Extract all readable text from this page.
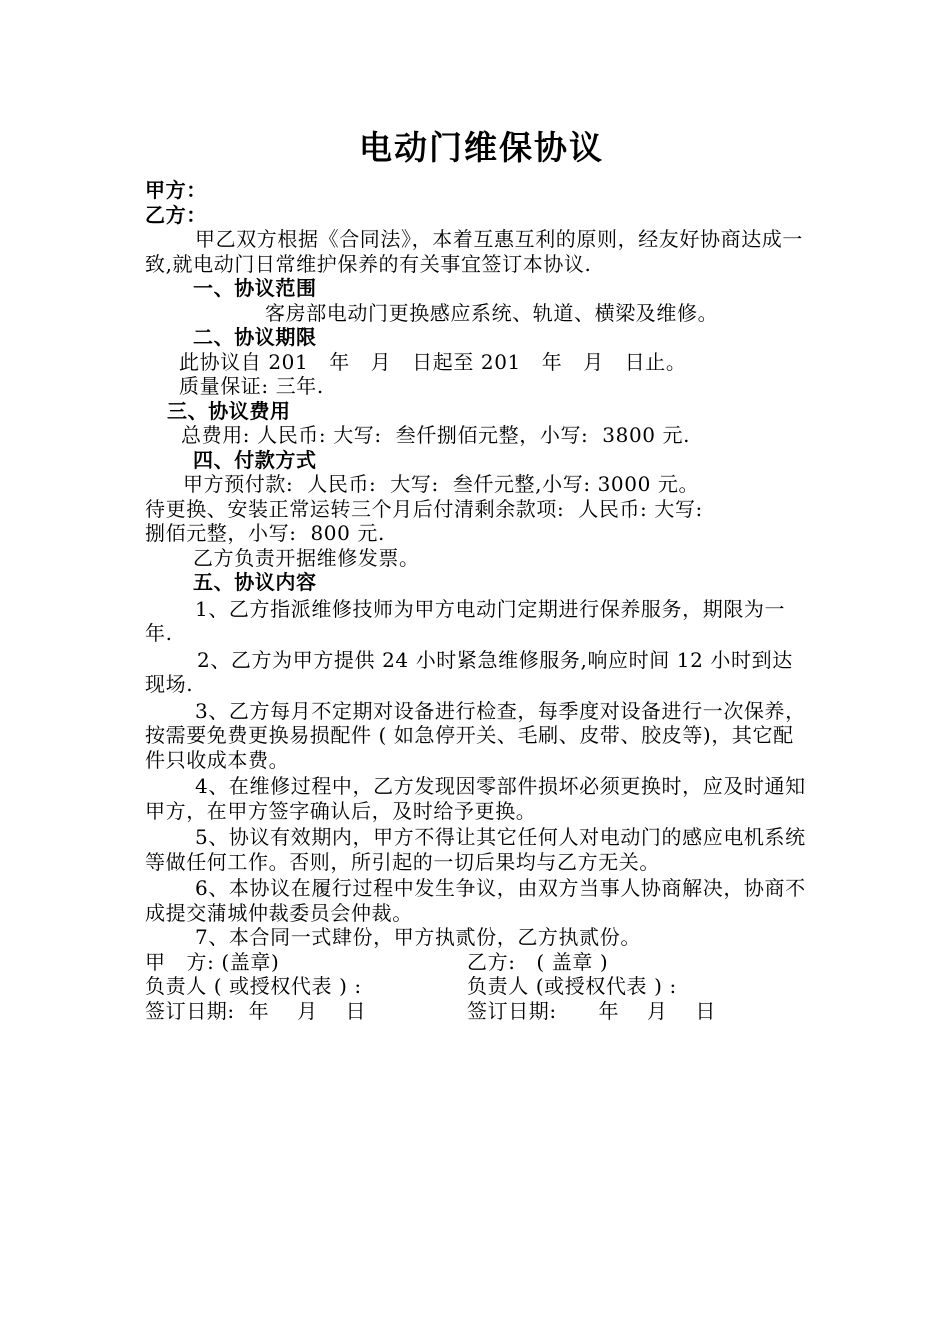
电动门维保协议

甲方：

乙方：

甲乙双方根据《合同法》，本着互惠互利的原则，经友好协商达成一致,就电动门日常维护保养的有关事宜签订本协议.

一、协议范围

客房部电动门更换感应系统、轨道、横梁及维修。

二、协议期限

此协议自 201   年   月   日起至 201   年   月   日止。

质量保证: 三年.

三、协议费用

总费用: 人民币: 大写:  叁仟捌佰元整，小写:  3800 元.

四、付款方式

甲方预付款:  人民币:  大写:  叁仟元整,小写: 3000 元。

待更换、安装正常运转三个月后付清剩余款项:  人民币: 大写:

捌佰元整，小写:  800 元.

乙方负责开据维修发票。

五、协议内容

1、乙方指派维修技师为甲方电动门定期进行保养服务，期限为一年.

2、乙方为甲方提供 24 小时紧急维修服务,响应时间 12 小时到达现场.

3、乙方每月不定期对设备进行检查，每季度对设备进行一次保养，按需要免费更换易损配件 ( 如急停开关、毛刷、皮带、胶皮等)，其它配件只收成本费。

4、在维修过程中，乙方发现因零部件损坏必须更换时，应及时通知甲方，在甲方签字确认后，及时给予更换。

5、协议有效期内，甲方不得让其它任何人对电动门的感应电机系统等做任何工作。否则，所引起的一切后果均与乙方无关。

6、本协议在履行过程中发生争议，由双方当事人协商解决，协商不成提交蒲城仲裁委员会仲裁。

7、本合同一式肆份，甲方执贰份，乙方执贰份。

甲   方: (盖章)	乙方:   ( 盖章 )
负责人 ( 或授权代表 ) :	负责人 (或授权代表 ) :
签订日期:  年    月    日	签订日期:      年    月    日
